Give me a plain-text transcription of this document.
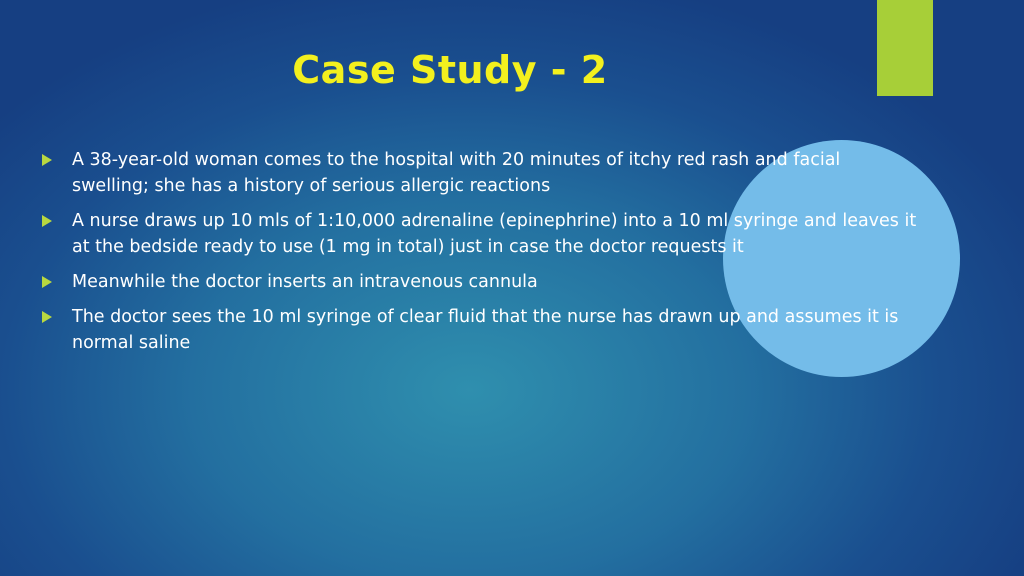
Case Study - 2
A 38-year-old woman comes to the hospital with 20 minutes of itchy red rash and facial swelling; she has a history of serious allergic reactions
A nurse draws up 10 mls of 1:10,000 adrenaline (epinephrine) into a 10 ml syringe and leaves it at the bedside ready to use (1 mg in total) just in case the doctor requests it
Meanwhile the doctor inserts an intravenous cannula
The doctor sees the 10 ml syringe of clear fluid that the nurse has drawn up and assumes it is normal saline
